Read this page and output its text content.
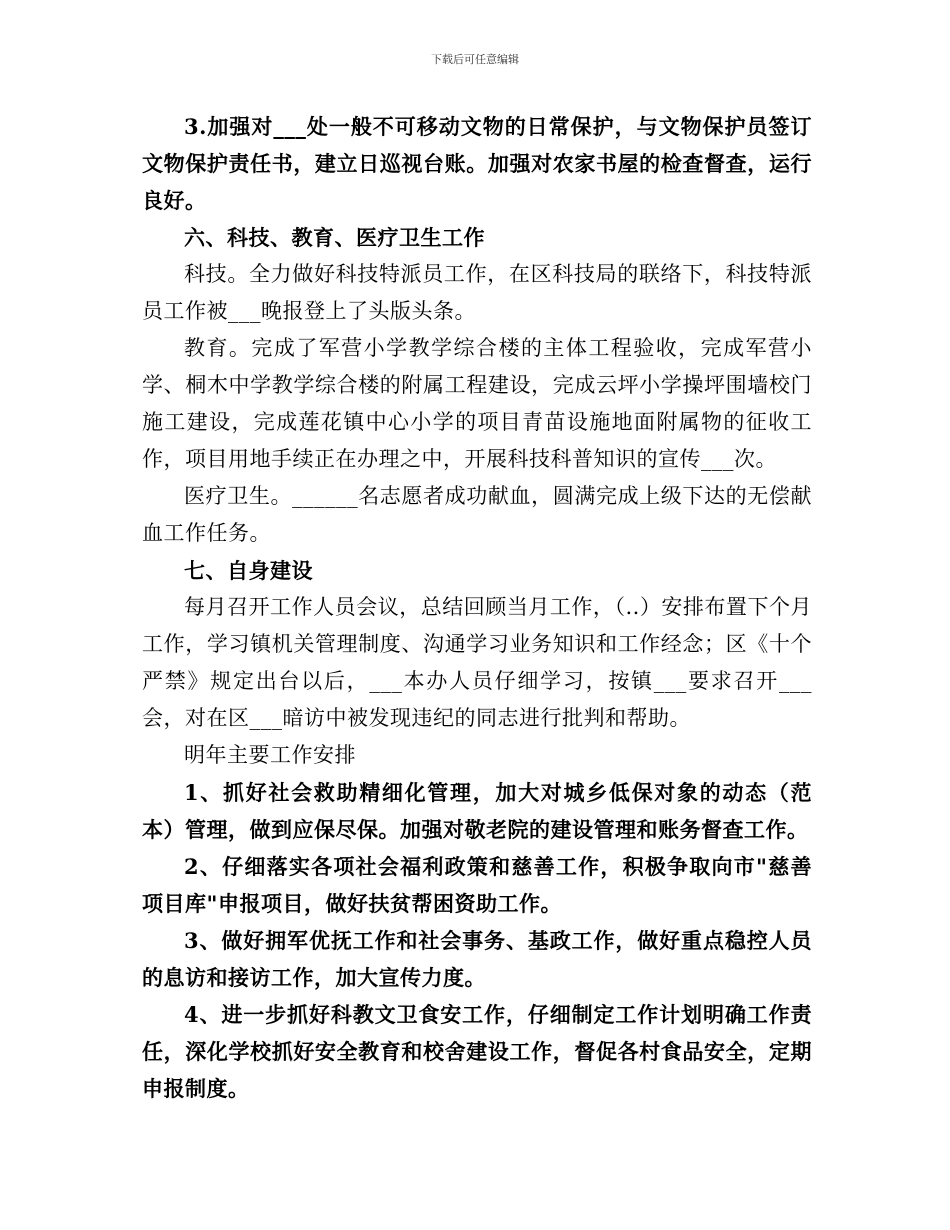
下载后可任意编辑

3.加强对___处一般不可移动文物的日常保护，与文物保护员签订文物保护责任书，建立日巡视台账。加强对农家书屋的检查督查，运行良好。

六、科技、教育、医疗卫生工作

科技。全力做好科技特派员工作，在区科技局的联络下，科技特派员工作被___晚报登上了头版头条。

教育。完成了军营小学教学综合楼的主体工程验收，完成军营小学、桐木中学教学综合楼的附属工程建设，完成云坪小学操坪围墙校门施工建设，完成莲花镇中心小学的项目青苗设施地面附属物的征收工作，项目用地手续正在办理之中，开展科技科普知识的宣传___次。

医疗卫生。______名志愿者成功献血，圆满完成上级下达的无偿献血工作任务。

七、自身建设

每月召开工作人员会议，总结回顾当月工作，（..）安排布置下个月工作，学习镇机关管理制度、沟通学习业务知识和工作经念；区《十个严禁》规定出台以后，___本办人员仔细学习，按镇___要求召开___会，对在区___暗访中被发现违纪的同志进行批判和帮助。

明年主要工作安排

1、抓好社会救助精细化管理，加大对城乡低保对象的动态（范本）管理，做到应保尽保。加强对敬老院的建设管理和账务督查工作。

2、仔细落实各项社会福利政策和慈善工作，积极争取向市"慈善项目库"申报项目，做好扶贫帮困资助工作。

3、做好拥军优抚工作和社会事务、基政工作，做好重点稳控人员的息访和接访工作，加大宣传力度。

4、进一步抓好科教文卫食安工作，仔细制定工作计划明确工作责任，深化学校抓好安全教育和校舍建设工作，督促各村食品安全，定期申报制度。
